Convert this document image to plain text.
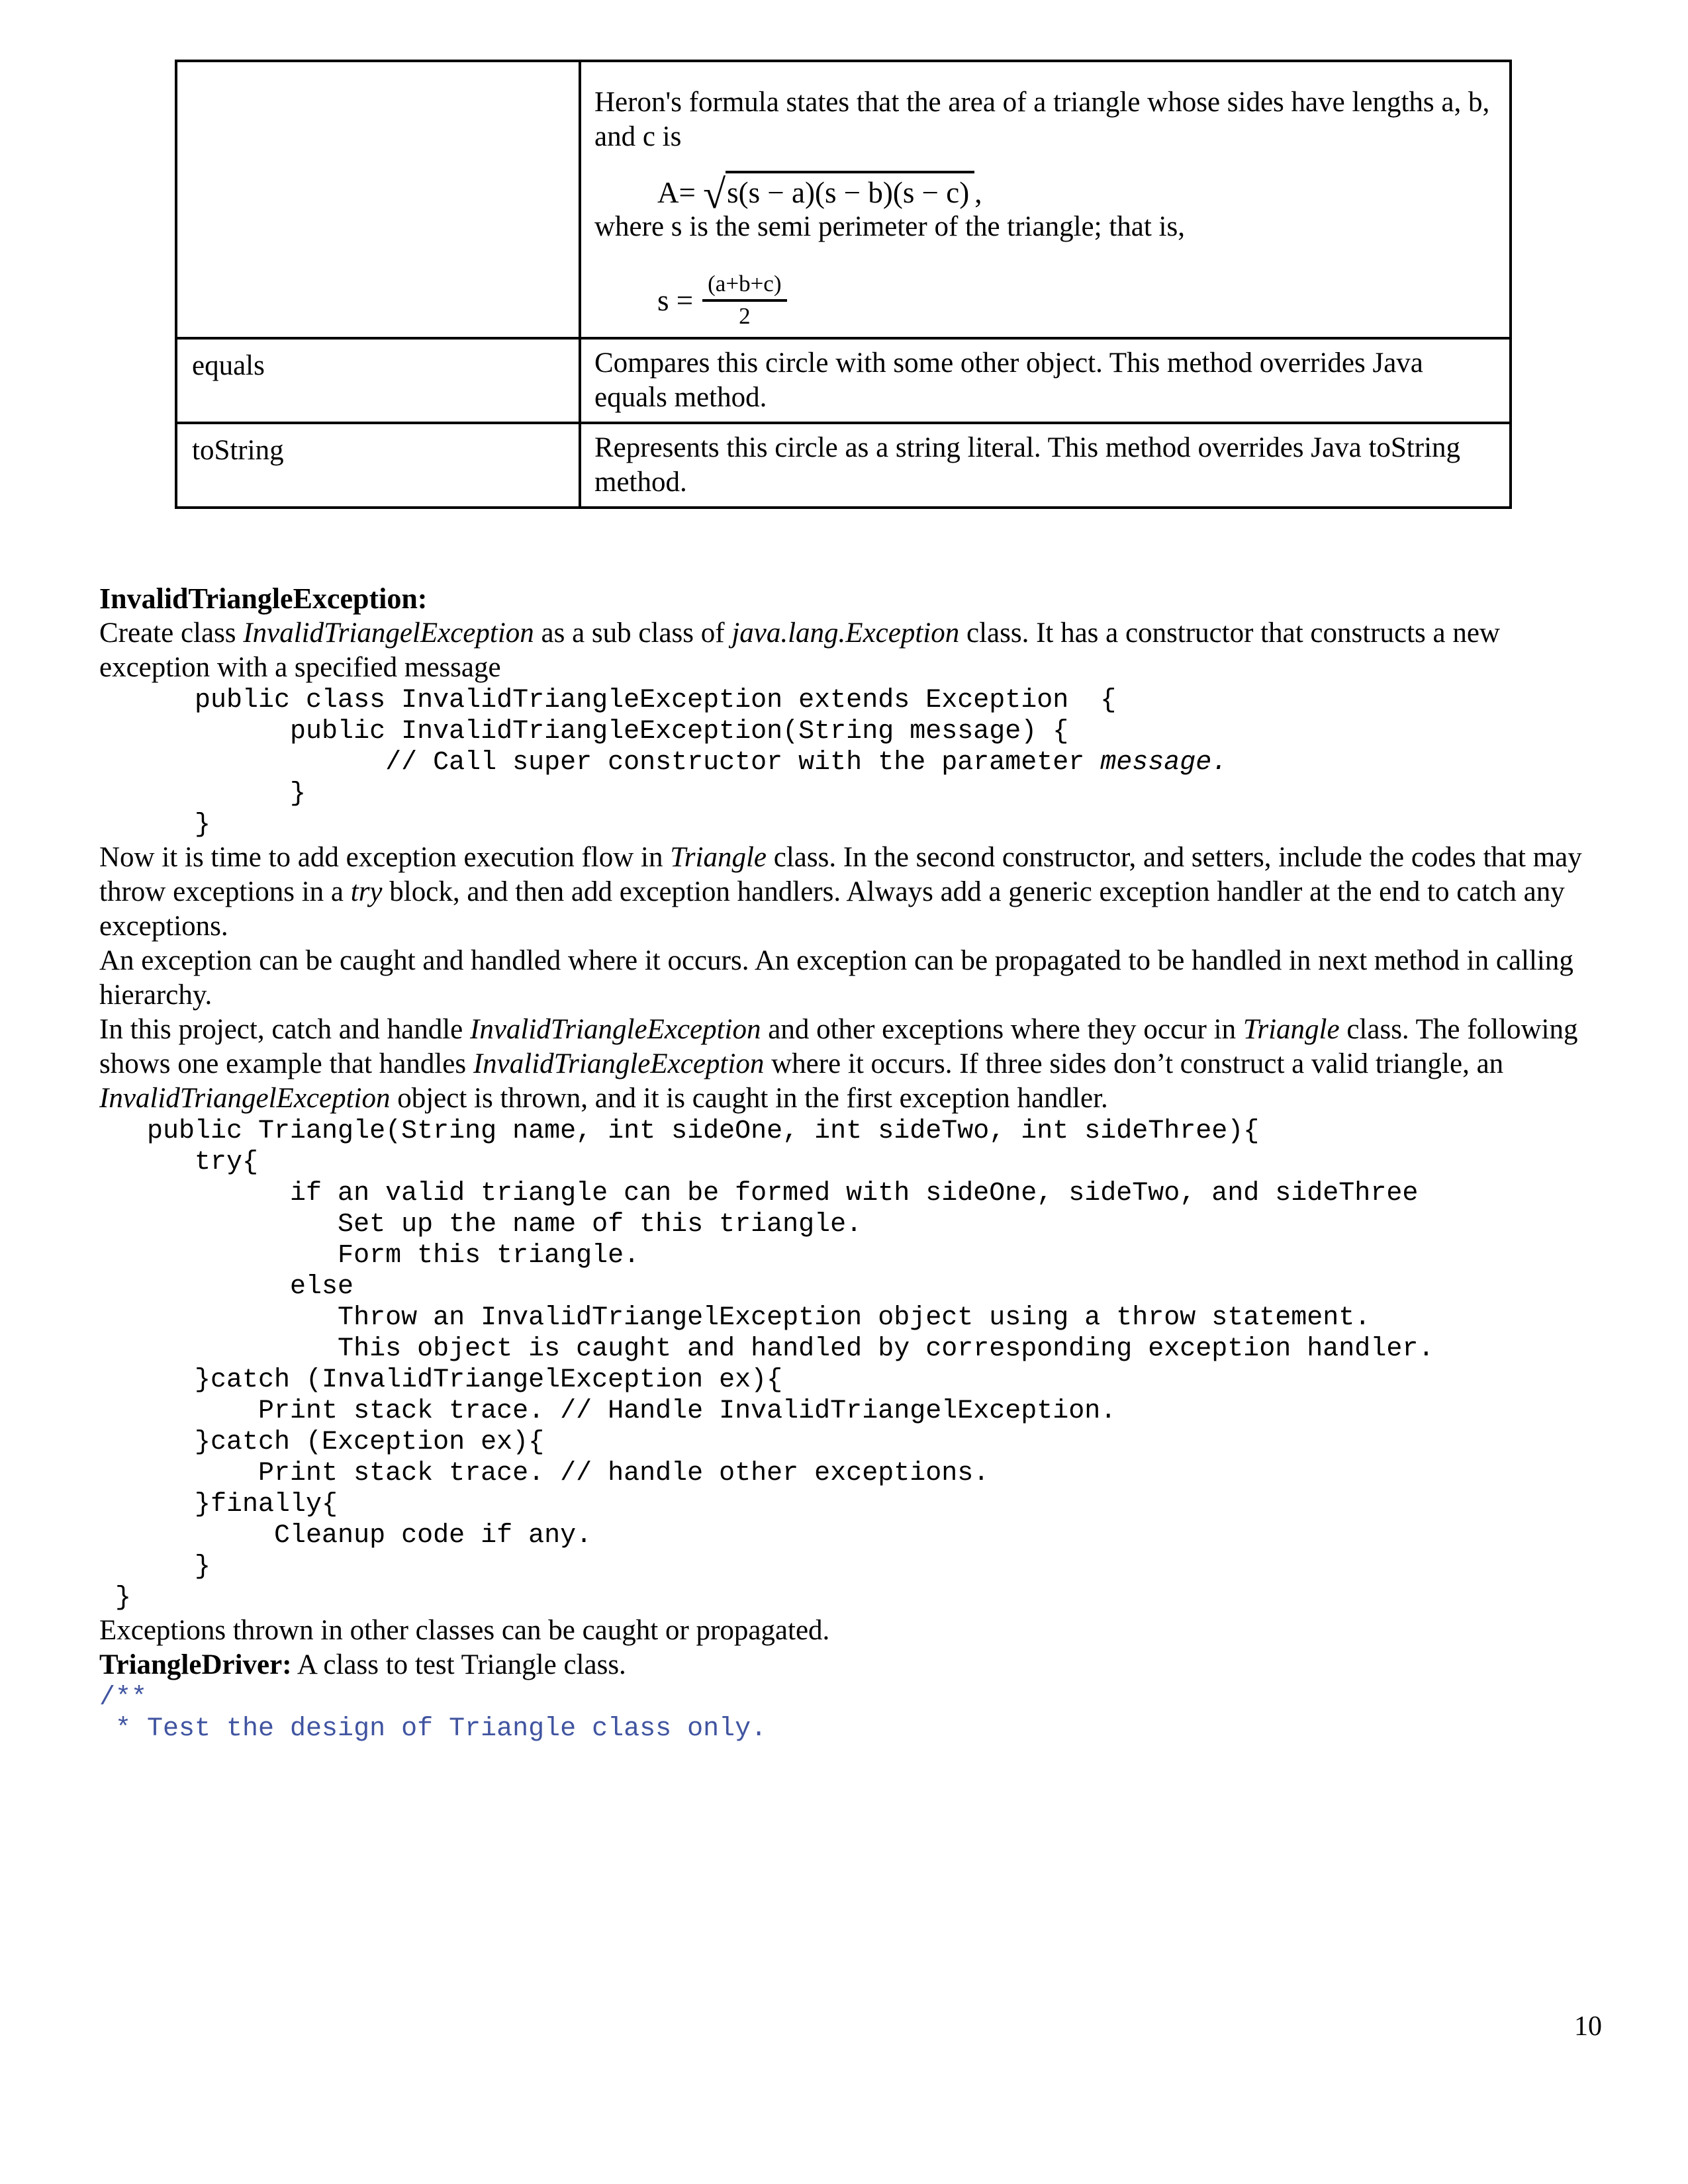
Heron's formula states that the area of a triangle whose sides have lengths a, b, and c is

A= √s(s − a)(s − b)(s − c) ,

where s is the semi perimeter of the triangle; that is,

$s = \frac{(a+b+c)}{2}$

equals	Compares this circle with some other object. This method overrides Java equals method.
toString	Represents this circle as a string literal. This method overrides Java toString method.
InvalidTriangleException:

Create class InvalidTriangelException as a sub class of java.lang.Exception class. It has a constructor that constructs a new exception with a specified message

public class InvalidTriangleException extends Exception  {
public InvalidTriangleException(String message) {
// Call super constructor with the parameter message.
}
}

Now it is time to add exception execution flow in Triangle class. In the second constructor, and setters, include the codes that may throw exceptions in a try block, and then add exception handlers. Always add a generic exception handler at the end to catch any exceptions.

An exception can be caught and handled where it occurs. An exception can be propagated to be handled in next method in calling hierarchy.

In this project, catch and handle InvalidTriangleException and other exceptions where they occur in Triangle class. The following shows one example that handles InvalidTriangleException where it occurs. If three sides don’t construct a valid triangle, an InvalidTriangelException object is thrown, and it is caught in the first exception handler.

public Triangle(String name, int sideOne, int sideTwo, int sideThree){
try{
if an valid triangle can be formed with sideOne, sideTwo, and sideThree
Set up the name of this triangle.
Form this triangle.
else
Throw an InvalidTriangelException object using a throw statement.
This object is caught and handled by corresponding exception handler.
}catch (InvalidTriangelException ex){
Print stack trace. // Handle InvalidTriangelException.
}catch (Exception ex){
Print stack trace. // handle other exceptions.
}finally{
Cleanup code if any.
}
}

Exceptions thrown in other classes can be caught or propagated.

TriangleDriver: A class to test Triangle class.

/**
* Test the design of Triangle class only.
10
